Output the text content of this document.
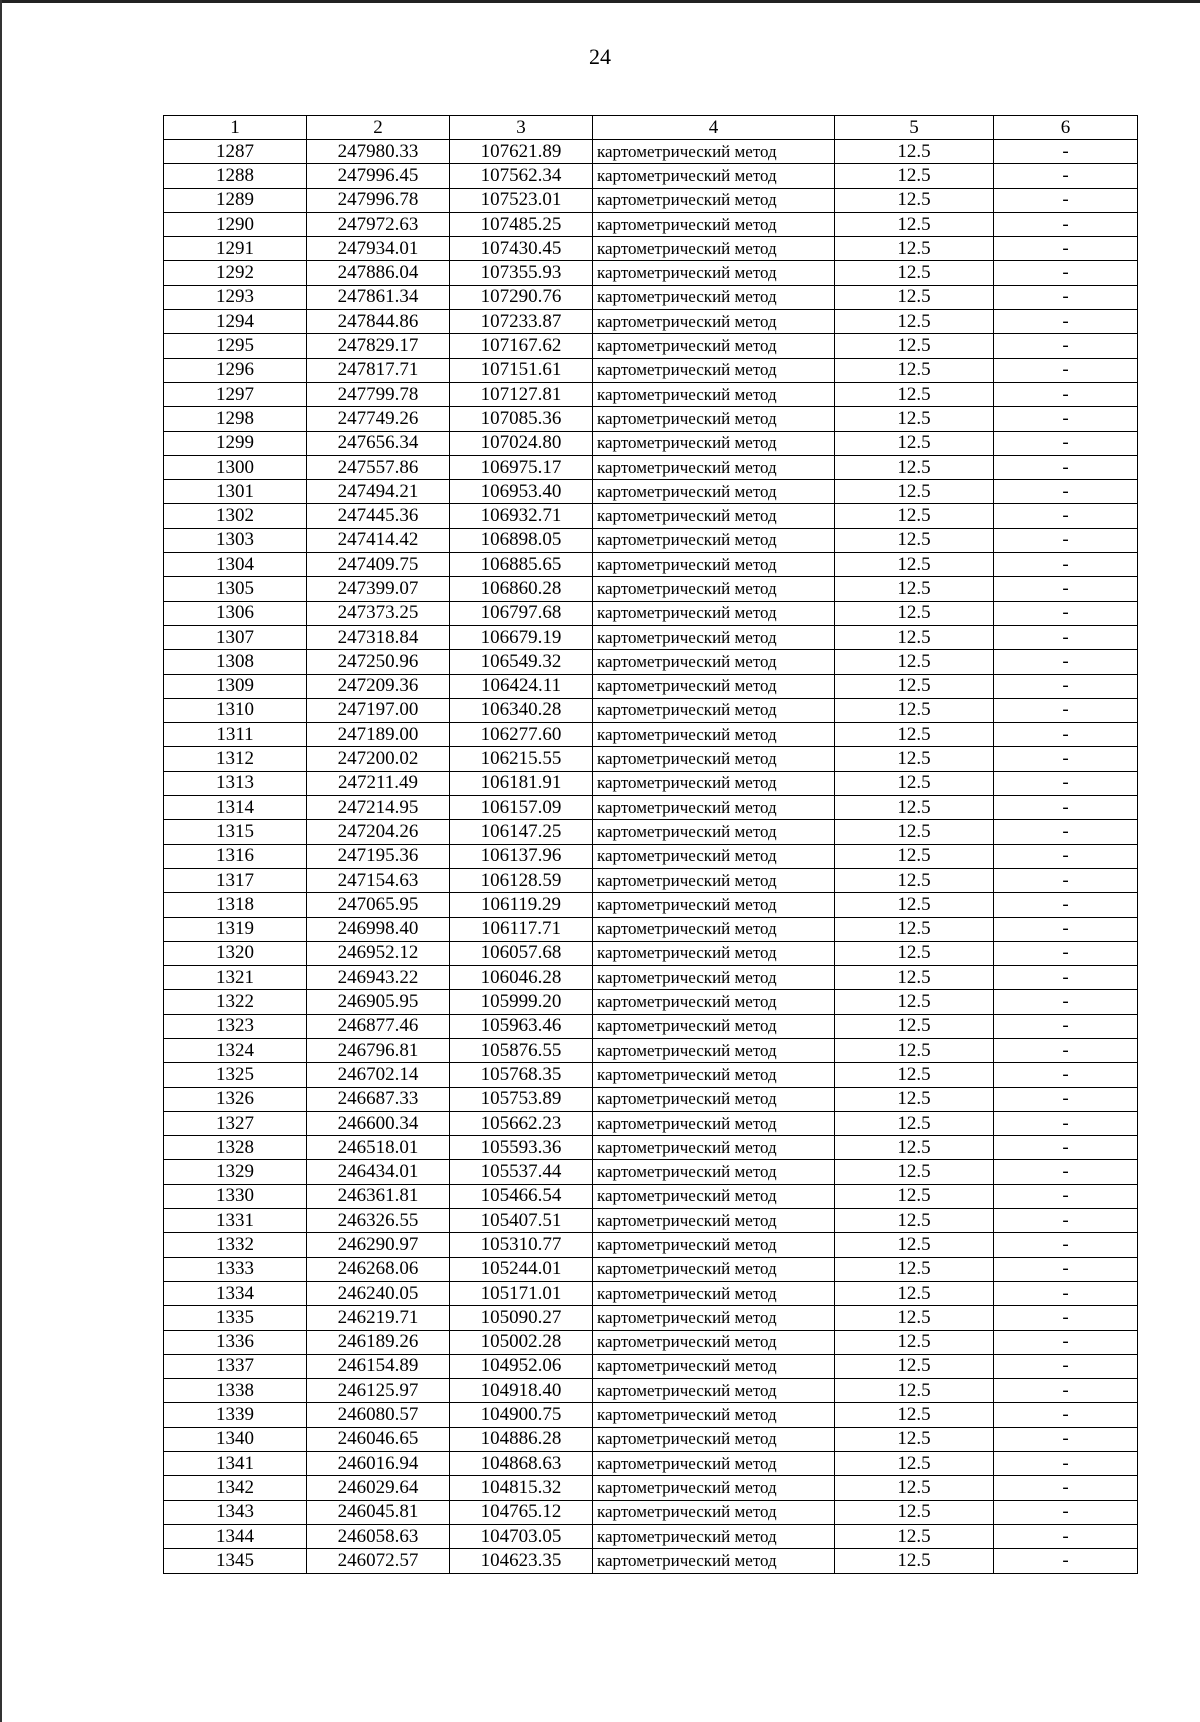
24
1	2	3	4	5	6
1287	247980.33	107621.89	картометрический метод	12.5	-
1288	247996.45	107562.34	картометрический метод	12.5	-
1289	247996.78	107523.01	картометрический метод	12.5	-
1290	247972.63	107485.25	картометрический метод	12.5	-
1291	247934.01	107430.45	картометрический метод	12.5	-
1292	247886.04	107355.93	картометрический метод	12.5	-
1293	247861.34	107290.76	картометрический метод	12.5	-
1294	247844.86	107233.87	картометрический метод	12.5	-
1295	247829.17	107167.62	картометрический метод	12.5	-
1296	247817.71	107151.61	картометрический метод	12.5	-
1297	247799.78	107127.81	картометрический метод	12.5	-
1298	247749.26	107085.36	картометрический метод	12.5	-
1299	247656.34	107024.80	картометрический метод	12.5	-
1300	247557.86	106975.17	картометрический метод	12.5	-
1301	247494.21	106953.40	картометрический метод	12.5	-
1302	247445.36	106932.71	картометрический метод	12.5	-
1303	247414.42	106898.05	картометрический метод	12.5	-
1304	247409.75	106885.65	картометрический метод	12.5	-
1305	247399.07	106860.28	картометрический метод	12.5	-
1306	247373.25	106797.68	картометрический метод	12.5	-
1307	247318.84	106679.19	картометрический метод	12.5	-
1308	247250.96	106549.32	картометрический метод	12.5	-
1309	247209.36	106424.11	картометрический метод	12.5	-
1310	247197.00	106340.28	картометрический метод	12.5	-
1311	247189.00	106277.60	картометрический метод	12.5	-
1312	247200.02	106215.55	картометрический метод	12.5	-
1313	247211.49	106181.91	картометрический метод	12.5	-
1314	247214.95	106157.09	картометрический метод	12.5	-
1315	247204.26	106147.25	картометрический метод	12.5	-
1316	247195.36	106137.96	картометрический метод	12.5	-
1317	247154.63	106128.59	картометрический метод	12.5	-
1318	247065.95	106119.29	картометрический метод	12.5	-
1319	246998.40	106117.71	картометрический метод	12.5	-
1320	246952.12	106057.68	картометрический метод	12.5	-
1321	246943.22	106046.28	картометрический метод	12.5	-
1322	246905.95	105999.20	картометрический метод	12.5	-
1323	246877.46	105963.46	картометрический метод	12.5	-
1324	246796.81	105876.55	картометрический метод	12.5	-
1325	246702.14	105768.35	картометрический метод	12.5	-
1326	246687.33	105753.89	картометрический метод	12.5	-
1327	246600.34	105662.23	картометрический метод	12.5	-
1328	246518.01	105593.36	картометрический метод	12.5	-
1329	246434.01	105537.44	картометрический метод	12.5	-
1330	246361.81	105466.54	картометрический метод	12.5	-
1331	246326.55	105407.51	картометрический метод	12.5	-
1332	246290.97	105310.77	картометрический метод	12.5	-
1333	246268.06	105244.01	картометрический метод	12.5	-
1334	246240.05	105171.01	картометрический метод	12.5	-
1335	246219.71	105090.27	картометрический метод	12.5	-
1336	246189.26	105002.28	картометрический метод	12.5	-
1337	246154.89	104952.06	картометрический метод	12.5	-
1338	246125.97	104918.40	картометрический метод	12.5	-
1339	246080.57	104900.75	картометрический метод	12.5	-
1340	246046.65	104886.28	картометрический метод	12.5	-
1341	246016.94	104868.63	картометрический метод	12.5	-
1342	246029.64	104815.32	картометрический метод	12.5	-
1343	246045.81	104765.12	картометрический метод	12.5	-
1344	246058.63	104703.05	картометрический метод	12.5	-
1345	246072.57	104623.35	картометрический метод	12.5	-
